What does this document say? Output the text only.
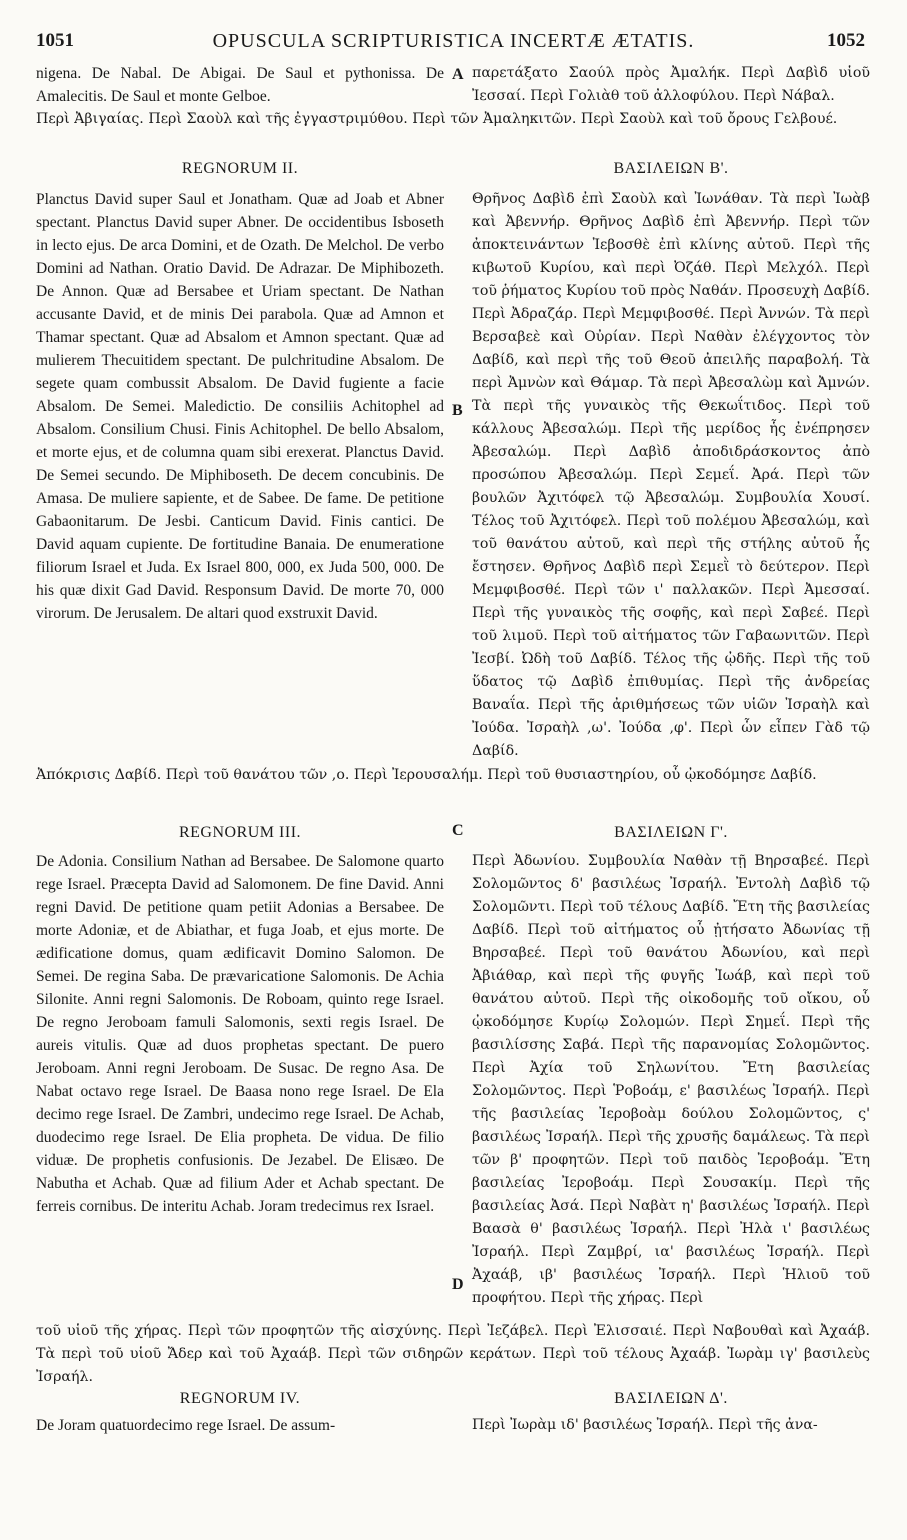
1051	OPUSCULA SCRIPTURISTICA INCERTÆ ÆTATIS.	1052
nigena. De Nabal. De Abigai. De Saul et pythonissa. De Amalecitis. De Saul et monte Gelboe.
A παρετάξατο Σαούλ πρὸς Ἀμαλήκ. Περὶ Δαβὶδ υἱοῦ Ἰεσσαί. Περὶ Γολιὰθ τοῦ ἀλλοφύλου. Περὶ Νάβαλ.
Περὶ Ἀβιγαίας. Περὶ Σαοὺλ καὶ τῆς ἐγγαστριμύθου. Περὶ τῶν Ἀμαληκιτῶν. Περὶ Σαοὺλ καὶ τοῦ ὄρους Γελβουέ.
REGNORUM II.	ΒΑΣΙΛΕΙΩΝ Β'.
Planctus David super Saul et Jonatham. Quæ ad Joab et Abner spectant. Planctus David super Abner. De occidentibus Isboseth in lecto ejus. De arca Domini, et de Ozath. De Melchol. De verbo Domini ad Nathan. Oratio David. De Adrazar. De Miphibozeth. De Annon. Quæ ad Bersabee et Uriam spectant. De Nathan accusante David, et de minis Dei parabola. Quæ ad Amnon et Thamar spectant. Quæ ad Absalom et Amnon spectant. Quæ ad mulierem Thecuitidem spectant. De pulchritudine Absalom. De segete quam combussit Absalom. De David fugiente a facie Absalom. De Semei. Maledictio. De consiliis Achitophel ad Absalom. Consilium Chusi. Finis Achitophel. De bello Absalom, et morte ejus, et de columna quam sibi erexerat. Planctus David. De Semei secundo. De Miphiboseth. De decem concubinis. De Amasa. De muliere sapiente, et de Sabee. De fame. De petitione Gabaonitarum. De Jesbi. Canticum David. Finis cantici. De David aquam cupiente. De fortitudine Banaia. De enumeratione filiorum Israel et Juda. Ex Israel 800, 000, ex Juda 500, 000. De his quæ dixit Gad David. Responsum David. De morte 70, 000 virorum. De Jerusalem. De altari quod exstruxit David.
B
Θρῆνος Δαβὶδ ἐπὶ Σαοὺλ καὶ Ἰωνάθαν. Τὰ περὶ Ἰωὰβ καὶ Ἀβεννήρ. Θρῆνος Δαβὶδ ἐπὶ Ἀβεννήρ. Περὶ τῶν ἀποκτεινάντων Ἰεβοσθὲ ἐπὶ κλίνης αὐτοῦ. Περὶ τῆς κιβωτοῦ Κυρίου, καὶ περὶ Ὀζάθ. Περὶ Μελχόλ. Περὶ τοῦ ῥήματος Κυρίου τοῦ πρὸς Ναθάν. Προσευχὴ Δαβίδ. Περὶ Ἀδραζάρ. Περὶ Μεμφιβοσθέ. Περὶ Ἀννών. Τὰ περὶ Βερσαβεὲ καὶ Οὐρίαν. Περὶ Ναθὰν ἐλέγχοντος τὸν Δαβίδ, καὶ περὶ τῆς τοῦ Θεοῦ ἀπειλῆς παραβολή. Τὰ περὶ Ἀμνὼν καὶ Θάμαρ. Τὰ περὶ Ἀβεσαλὼμ καὶ Ἀμνών. Τὰ περὶ τῆς γυναικὸς τῆς Θεκωΐτιδος. Περὶ τοῦ κάλλους Ἀβεσαλώμ. Περὶ τῆς μερίδος ἧς ἐνέπρησεν Ἀβεσαλώμ. Περὶ Δαβὶδ ἀποδιδράσκοντος ἀπὸ προσώπου Ἀβεσαλώμ. Περὶ Σεμεΐ. Ἀρά. Περὶ τῶν βουλῶν Ἀχιτόφελ τῷ Ἀβεσαλώμ. Συμβουλία Χουσί. Τέλος τοῦ Ἀχιτόφελ. Περὶ τοῦ πολέμου Ἀβεσαλώμ, καὶ τοῦ θανάτου αὐτοῦ, καὶ περὶ τῆς στήλης αὐτοῦ ἧς ἔστησεν. Θρῆνος Δαβὶδ περὶ Σεμεῒ τὸ δεύτερον. Περὶ Μεμφιβοσθέ. Περὶ τῶν ι' παλλακῶν. Περὶ Ἀμεσσαί. Περὶ τῆς γυναικὸς τῆς σοφῆς, καὶ περὶ Σαβεέ. Περὶ τοῦ λιμοῦ. Περὶ τοῦ αἰτήματος τῶν Γαβαωνιτῶν. Περὶ Ἰεσβί. Ὠδὴ τοῦ Δαβίδ. Τέλος τῆς ᾠδῆς. Περὶ τῆς τοῦ ὕδατος τῷ Δαβὶδ ἐπιθυμίας. Περὶ τῆς ἀνδρείας Βαναΐα. Περὶ τῆς ἀριθμήσεως τῶν υἱῶν Ἰσραὴλ καὶ Ἰούδα. Ἰσραὴλ ,ω'. Ἰούδα ,φ'. Περὶ ὧν εἶπεν Γὰδ τῷ Δαβίδ.
Ἀπόκρισις Δαβίδ. Περὶ τοῦ θανάτου τῶν ,ο. Περὶ Ἰερουσαλήμ. Περὶ τοῦ θυσιαστηρίου, οὗ ᾠκοδόμησε Δαβίδ.
REGNORUM III.	C	ΒΑΣΙΛΕΙΩΝ Γ'.
De Adonia. Consilium Nathan ad Bersabee. De Salomone quarto rege Israel. Præcepta David ad Salomonem. De fine David. Anni regni David. De petitione quam petiit Adonias a Bersabee. De morte Adoniæ, et de Abiathar, et fuga Joab, et ejus morte. De ædificatione domus, quam ædificavit Domino Salomon. De Semei. De regina Saba. De prævaricatione Salomonis. De Achia Silonite. Anni regni Salomonis. De Roboam, quinto rege Israel. De regno Jeroboam famuli Salomonis, sexti regis Israel. De aureis vitulis. Quæ ad duos prophetas spectant. De puero Jeroboam. Anni regni Jeroboam. De Susac. De regno Asa. De Nabat octavo rege Israel. De Baasa nono rege Israel. De Ela decimo rege Israel. De Zambri, undecimo rege Israel. De Achab, duodecimo rege Israel. De Elia propheta. De vidua. De filio viduæ. De prophetis confusionis. De Jezabel. De Elisæo. De Nabutha et Achab. Quæ ad filium Ader et Achab spectant. De ferreis cornibus. De interitu Achab. Joram tredecimus rex Israel.
D
Περὶ Ἀδωνίου. Συμβουλία Ναθὰν τῇ Βηρσαβεέ. Περὶ Σολομῶντος δ' βασιλέως Ἰσραήλ. Ἐντολὴ Δαβὶδ τῷ Σολομῶντι. Περὶ τοῦ τέλους Δαβίδ. Ἔτη τῆς βασιλείας Δαβίδ. Περὶ τοῦ αἰτήματος οὗ ᾐτήσατο Ἀδωνίας τῇ Βηρσαβεέ. Περὶ τοῦ θανάτου Ἀδωνίου, καὶ περὶ Ἀβιάθαρ, καὶ περὶ τῆς φυγῆς Ἰωάβ, καὶ περὶ τοῦ θανάτου αὐτοῦ. Περὶ τῆς οἰκοδομῆς τοῦ οἴκου, οὗ ᾠκοδόμησε Κυρίῳ Σολομών. Περὶ Σημεΐ. Περὶ τῆς βασιλίσσης Σαβά. Περὶ τῆς παρανομίας Σολομῶντος. Περὶ Ἀχία τοῦ Σηλωνίτου. Ἔτη βασιλείας Σολομῶντος. Περὶ Ῥοβοάμ, ε' βασιλέως Ἰσραήλ. Περὶ τῆς βασιλείας Ἰεροβοὰμ δούλου Σολομῶντος, ς' βασιλέως Ἰσραήλ. Περὶ τῆς χρυσῆς δαμάλεως. Τὰ περὶ τῶν β' προφητῶν. Περὶ τοῦ παιδὸς Ἰεροβοάμ. Ἔτη βασιλείας Ἰεροβοάμ. Περὶ Σουσακίμ. Περὶ τῆς βασιλείας Ἀσά. Περὶ Ναβὰτ η' βασιλέως Ἰσραήλ. Περὶ Βαασὰ θ' βασιλέως Ἰσραήλ. Περὶ Ἠλὰ ι' βασιλέως Ἰσραήλ. Περὶ Ζαμβρί, ια' βασιλέως Ἰσραήλ. Περὶ Ἀχαάβ, ιβ' βασιλέως Ἰσραήλ. Περὶ Ἡλιοῦ τοῦ προφήτου. Περὶ τῆς χήρας. Περὶ
τοῦ υἱοῦ τῆς χήρας. Περὶ τῶν προφητῶν τῆς αἰσχύνης. Περὶ Ἰεζάβελ. Περὶ Ἐλισσαιέ. Περὶ Ναβουθαὶ καὶ Ἀχαάβ. Τὰ περὶ τοῦ υἱοῦ Ἄδερ καὶ τοῦ Ἀχαάβ. Περὶ τῶν σιδηρῶν κεράτων. Περὶ τοῦ τέλους Ἀχαάβ. Ἰωρὰμ ιγ' βασιλεὺς Ἰσραήλ.
REGNORUM IV.	ΒΑΣΙΛΕΙΩΝ Δ'.
De Joram quatuordecimo rege Israel. De assum-	Περὶ Ἰωρὰμ ιδ' βασιλέως Ἰσραήλ. Περὶ τῆς ἀνα-
